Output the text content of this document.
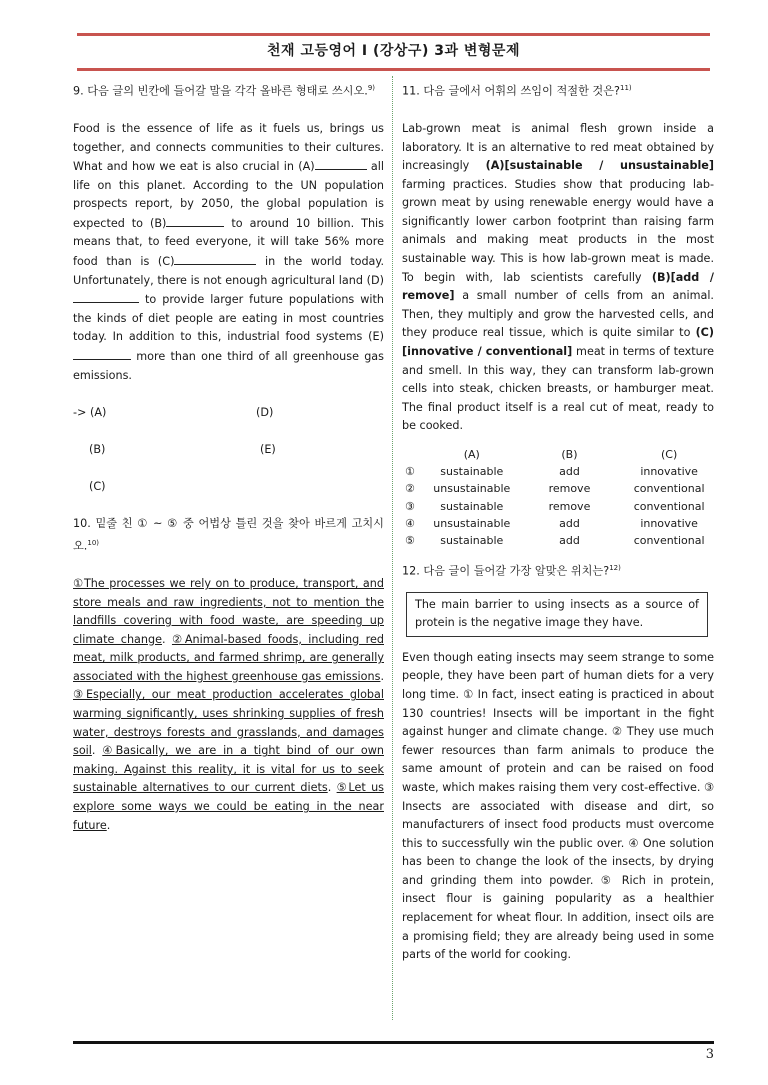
천재 고등영어 I (강상구) 3과 변형문제

9. 다음 글의 빈칸에 들어갈 말을 각각 올바른 형태로 쓰시오.$^{9)}$

Food is the essence of life as it fuels us, brings us together, and connects communities to their cultures. What and how we eat is also crucial in (A)	all life on this planet. According to the UN population prospects report, by 2050, the global population is expected to (B)	to around 10 billion. This means that, to feed everyone, it will take 56% more food than is (C)	in the world today. Unfortunately, there is not enough agricultural land (D)  to provide larger future populations with the kinds of diet people are eating in most countries today. In addition to this, industrial food systems (E)  more than one third of all greenhouse gas emissions.

-> (A)	(D)
(B)	(E)
(C)

10. 밑줄 친 ① ~ ⑤ 중 어법상 틀린 것을 찾아 바르게 고치시오.$^{10)}$

①The processes we rely on to produce, transport, and store meals and raw ingredients, not to mention the landfills covering with food waste, are speeding up climate change. ②Animal-based foods, including red meat, milk products, and farmed shrimp, are generally associated with the highest greenhouse gas emissions. ③Especially, our meat production accelerates global warming significantly, uses shrinking supplies of fresh water, destroys forests and grasslands, and damages soil. ④Basically, we are in a tight bind of our own making. Against this reality, it is vital for us to seek sustainable alternatives to our current diets. ⑤Let us explore some ways we could be eating in the near future.

11. 다음 글에서 어휘의 쓰임이 적절한 것은?$^{11)}$

Lab-grown meat is animal flesh grown inside a laboratory. It is an alternative to red meat obtained by increasingly (A)[sustainable / unsustainable] farming practices. Studies show that producing lab-grown meat by using renewable energy would have a significantly lower carbon footprint than raising farm animals and making meat products in the most sustainable way. This is how lab-grown meat is made. To begin with, lab scientists carefully (B)[add / remove] a small number of cells from an animal. Then, they multiply and grow the harvested cells, and they produce real tissue, which is quite similar to (C)[innovative / conventional] meat in terms of texture and smell. In this way, they can transform lab-grown cells into steak, chicken breasts, or hamburger meat. The final product itself is a real cut of meat, ready to be cooked.

(A)	(B)	(C)
①	sustainable	add	innovative
②	unsustainable	remove	conventional
③	sustainable	remove	conventional
④	unsustainable	add	innovative
⑤	sustainable	add	conventional

12. 다음 글이 들어갈 가장 알맞은 위치는?$^{12)}$

The main barrier to using insects as a source of protein is the negative image they have.

Even though eating insects may seem strange to some people, they have been part of human diets for a very long time. ① In fact, insect eating is practiced in about 130 countries! Insects will be important in the fight against hunger and climate change. ② They use much fewer resources than farm animals to produce the same amount of protein and can be raised on food waste, which makes raising them very cost-effective. ③ Insects are associated with disease and dirt, so manufacturers of insect food products must overcome this to successfully win the public over. ④ One solution has been to change the look of the insects, by drying and grinding them into powder. ⑤ Rich in protein, insect flour is gaining popularity as a healthier replacement for wheat flour. In addition, insect oils are a promising field; they are already being used in some parts of the world for cooking.

3
